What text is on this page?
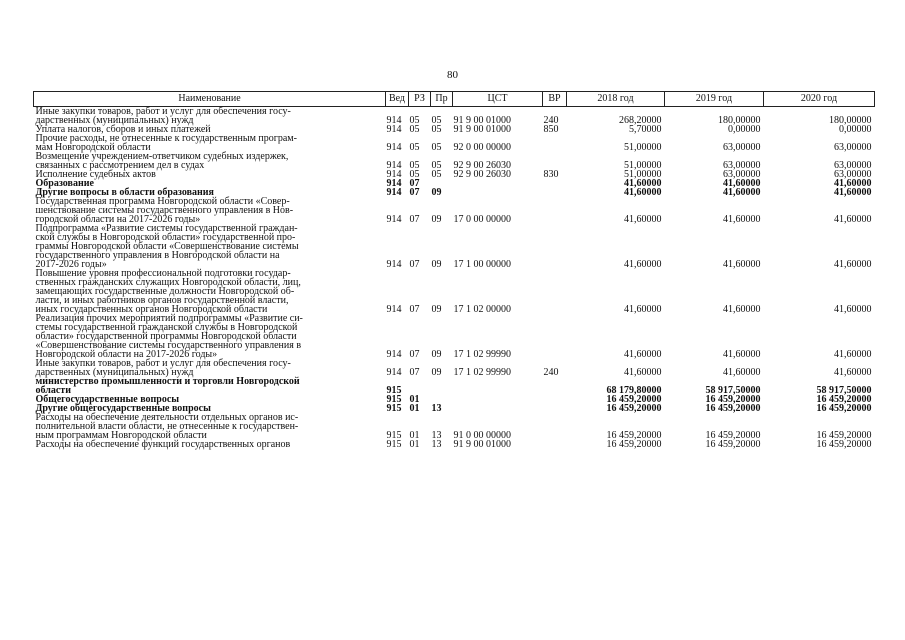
80
Наименование	Вед	РЗ	Пр	ЦСТ	ВР	2018 год	2019 год	2020 год

Иные закупки товаров, работ и услуг для обеспечения госу-
дарственных (муниципальных) нужд	914	05	05	91 9 00 01000	240	268,20000	180,00000	180,00000

Уплата налогов, сборов и иных платежей	914	05	05	91 9 00 01000	850	5,70000	0,00000	0,00000

Прочие расходы, не отнесенные к государственным програм-
мам Новгородской области	914	05	05	92 0 00 00000		51,00000	63,00000	63,00000

Возмещение учреждением-ответчиком судебных издержек,
связанных с рассмотрением дел в судах	914	05	05	92 9 00 26030		51,00000	63,00000	63,00000

Исполнение судебных актов	914	05	05	92 9 00 26030	830	51,00000	63,00000	63,00000

Образование	914	07				41,60000	41,60000	41,60000

Другие вопросы в области образования	914	07	09			41,60000	41,60000	41,60000

Государственная программа Новгородской области «Совер-
шенствование системы государственного управления в Нов-
городской области на 2017-2026 годы»	914	07	09	17 0 00 00000		41,60000	41,60000	41,60000

Подпрограмма «Развитие системы государственной граждан-
ской службы в Новгородской области» государственной про-
граммы Новгородской области «Совершенствование системы
государственного управления в Новгородской области на
2017-2026 годы»	914	07	09	17 1 00 00000		41,60000	41,60000	41,60000

Повышение уровня профессиональной подготовки государ-
ственных гражданских служащих Новгородской области, лиц,
замещающих государственные должности Новгородской об-
ласти, и иных работников органов государственной власти,
иных государственных органов Новгородской области	914	07	09	17 1 02 00000		41,60000	41,60000	41,60000

Реализация прочих мероприятий подпрограммы «Развитие си-
стемы государственной гражданской службы в Новгородской
области» государственной программы Новгородской области
«Совершенствование системы государственного управления в
Новгородской области на 2017-2026 годы»	914	07	09	17 1 02 99990		41,60000	41,60000	41,60000

Иные закупки товаров, работ и услуг для обеспечения госу-
дарственных (муниципальных) нужд	914	07	09	17 1 02 99990	240	41,60000	41,60000	41,60000

министерство промышленности и торговли Новгородской
области	915					68 179,80000	58 917,50000	58 917,50000

Общегосударственные вопросы	915	01				16 459,20000	16 459,20000	16 459,20000

Другие общегосударственные вопросы	915	01	13			16 459,20000	16 459,20000	16 459,20000

Расходы на обеспечение деятельности отдельных органов ис-
полнительной власти области, не отнесенные к государствен-
ным программам Новгородской области	915	01	13	91 0 00 00000		16 459,20000	16 459,20000	16 459,20000

Расходы на обеспечение функций государственных органов	915	01	13	91 9 00 01000		16 459,20000	16 459,20000	16 459,20000
